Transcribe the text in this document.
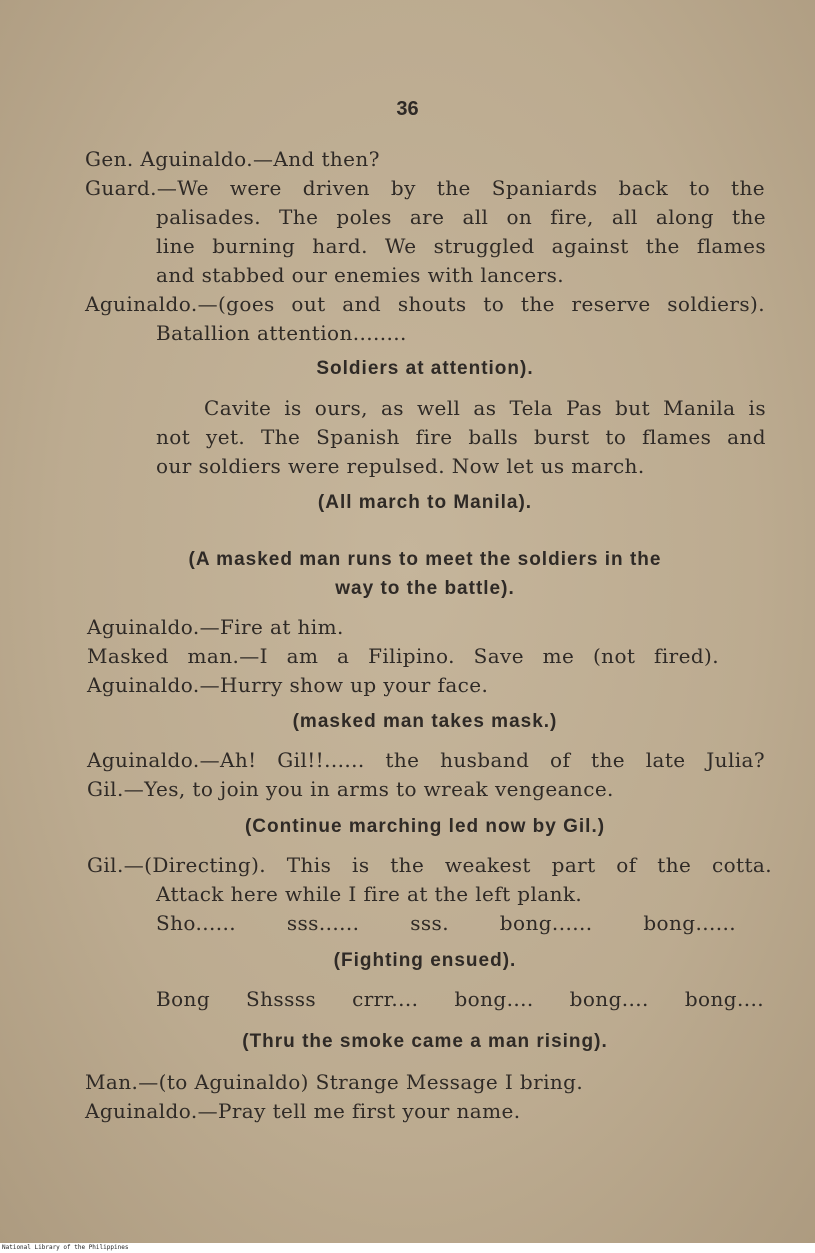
36
Gen. Aguinaldo.—And then?
Guard.—We were driven by the Spaniards back to the
palisades. The poles are all on fire, all along the
line burning hard. We struggled against the flames
and stabbed our enemies with lancers.
Aguinaldo.—(goes out and shouts to the reserve soldiers).
Batallion attention........
Soldiers at attention).
Cavite is ours, as well as Tela Pas but Manila is
not yet. The Spanish fire balls burst to flames and
our soldiers were repulsed. Now let us march.
(All march to Manila).
(A masked man runs to meet the soldiers in the
way to the battle).
Aguinaldo.—Fire at him.
Masked man.—I am a Filipino. Save me (not fired).
Aguinaldo.—Hurry show up your face.
(masked man takes mask.)
Aguinaldo.—Ah! Gil!!...... the husband of the late Julia?
Gil.—Yes, to join you in arms to wreak vengeance.
(Continue marching led now by Gil.)
Gil.—(Directing). This is the weakest part of the cotta.
Attack here while I fire at the left plank.
Sho...... sss...... sss. bong...... bong......
(Fighting ensued).
Bong Shssss crrr.... bong.... bong.... bong....
(Thru the smoke came a man rising).
Man.—(to Aguinaldo) Strange Message I bring.
Aguinaldo.—Pray tell me first your name.
National Library of the Philippines
